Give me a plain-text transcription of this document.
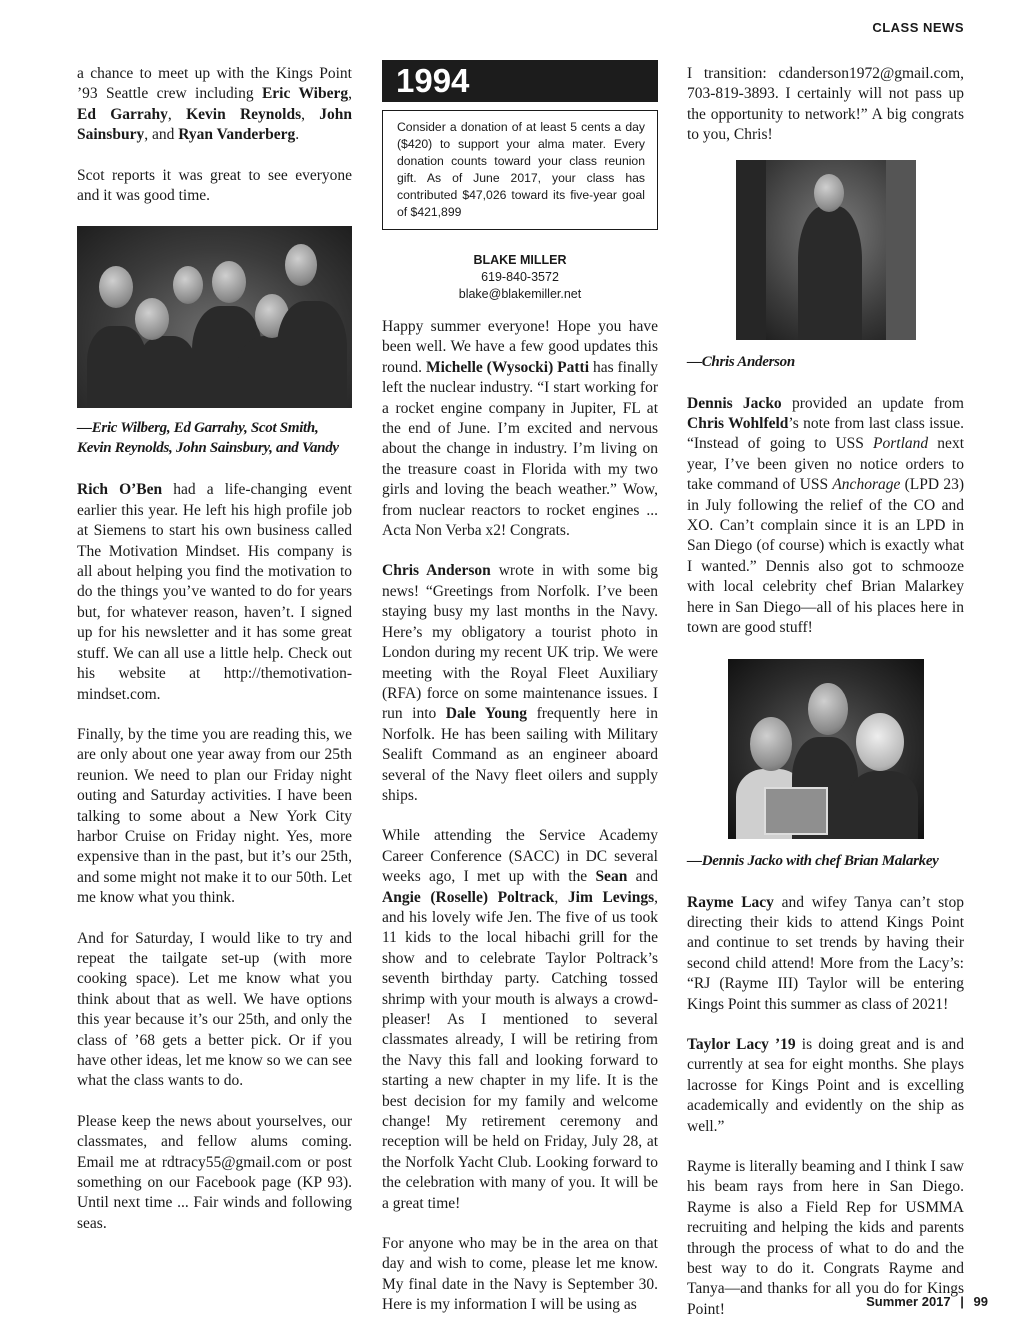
CLASS NEWS

a chance to meet up with the Kings Point ’93 Seattle crew including Eric Wiberg, Ed Garrahy, Kevin Reynolds, John Sainsbury, and Ryan Vanderberg.

Scot reports it was great to see everyone and it was good time.

—Eric Wilberg, Ed Garrahy, Scot Smith, Kevin Reynolds, John Sainsbury, and Vandy

Rich O’Ben had a life-changing event earlier this year. He left his high profile job at Siemens to start his own business called The Motivation Mindset. His company is all about helping you find the motivation to do the things you’ve wanted to do for years but, for whatever reason, haven’t. I signed up for his newsletter and it has some great stuff. We can all use a little help. Check out his website at http://themotivation-mindset.com.

Finally, by the time you are reading this, we are only about one year away from our 25th reunion. We need to plan our Friday night outing and Saturday activities. I have been talking to some about a New York City harbor Cruise on Friday night. Yes, more expensive than in the past, but it’s our 25th, and some might not make it to our 50th. Let me know what you think.

And for Saturday, I would like to try and repeat the tailgate set-up (with more cooking space). Let me know what you think about that as well. We have options this year because it’s our 25th, and only the class of ’68 gets a better pick. Or if you have other ideas, let me know so we can see what the class wants to do.

Please keep the news about yourselves, our classmates, and fellow alums coming. Email me at rdtracy55@gmail.com or post something on our Facebook page (KP 93). Until next time ... Fair winds and following seas.

1994
Consider a donation of at least 5 cents a day ($420) to support your alma mater. Every donation counts toward your class reunion gift. As of June 2017, your class has contributed $47,026 toward its five-year goal of $421,899
BLAKE MILLER
619-840-3572
blake@blakemiller.net

Happy summer everyone! Hope you have been well. We have a few good updates this round. Michelle (Wysocki) Patti has finally left the nuclear industry. “I start working for a rocket engine company in Jupiter, FL at the end of June. I’m excited and nervous about the change in industry. I’m living on the treasure coast in Florida with my two girls and loving the beach weather.” Wow, from nuclear reactors to rocket engines ... Acta Non Verba x2! Congrats.

Chris Anderson wrote in with some big news! “Greetings from Norfolk. I’ve been staying busy my last months in the Navy. Here’s my obligatory a tourist photo in London during my recent UK trip. We were meeting with the Royal Fleet Auxiliary (RFA) force on some maintenance issues. I run into Dale Young frequently here in Norfolk. He has been sailing with Military Sealift Command as an engineer aboard several of the Navy fleet oilers and supply ships.

While attending the Service Academy Career Conference (SACC) in DC several weeks ago, I met up with the Sean and Angie (Roselle) Poltrack, Jim Levings, and his lovely wife Jen. The five of us took 11 kids to the local hibachi grill for the show and to celebrate Taylor Poltrack’s seventh birthday party. Catching tossed shrimp with your mouth is always a crowd-pleaser! As I mentioned to several classmates already, I will be retiring from the Navy this fall and looking forward to starting a new chapter in my life. It is the best decision for my family and welcome change! My retirement ceremony and reception will be held on Friday, July 28, at the Norfolk Yacht Club. Looking forward to the celebration with many of you. It will be a great time!

For anyone who may be in the area on that day and wish to come, please let me know. My final date in the Navy is September 30. Here is my information I will be using as

I transition: cdanderson1972@gmail.com, 703-819-3893. I certainly will not pass up the opportunity to network!” A big congrats to you, Chris!

—Chris Anderson

Dennis Jacko provided an update from Chris Wohlfeld’s note from last class issue. “Instead of going to USS Portland next year, I’ve been given no notice orders to take command of USS Anchorage (LPD 23) in July following the relief of the CO and XO. Can’t complain since it is an LPD in San Diego (of course) which is exactly what I wanted.” Dennis also got to schmooze with local celebrity chef Brian Malarkey here in San Diego—all of his places here in town are good stuff!

—Dennis Jacko with chef Brian Malarkey

Rayme Lacy and wifey Tanya can’t stop directing their kids to attend Kings Point and continue to set trends by having their second child attend! More from the Lacy’s: “RJ (Rayme III) Taylor will be entering Kings Point this summer as class of 2021!

Taylor Lacy ’19 is doing great and is and currently at sea for eight months. She plays lacrosse for Kings Point and is excelling academically and evidently on the ship as well.”

Rayme is literally beaming and I think I saw his beam rays from here in San Diego. Rayme is also a Field Rep for USMMA recruiting and helping the kids and parents through the process of what to do and the best way to do it. Congrats Rayme and Tanya—and thanks for all you do for Kings Point!	Summer 2017 | 99
